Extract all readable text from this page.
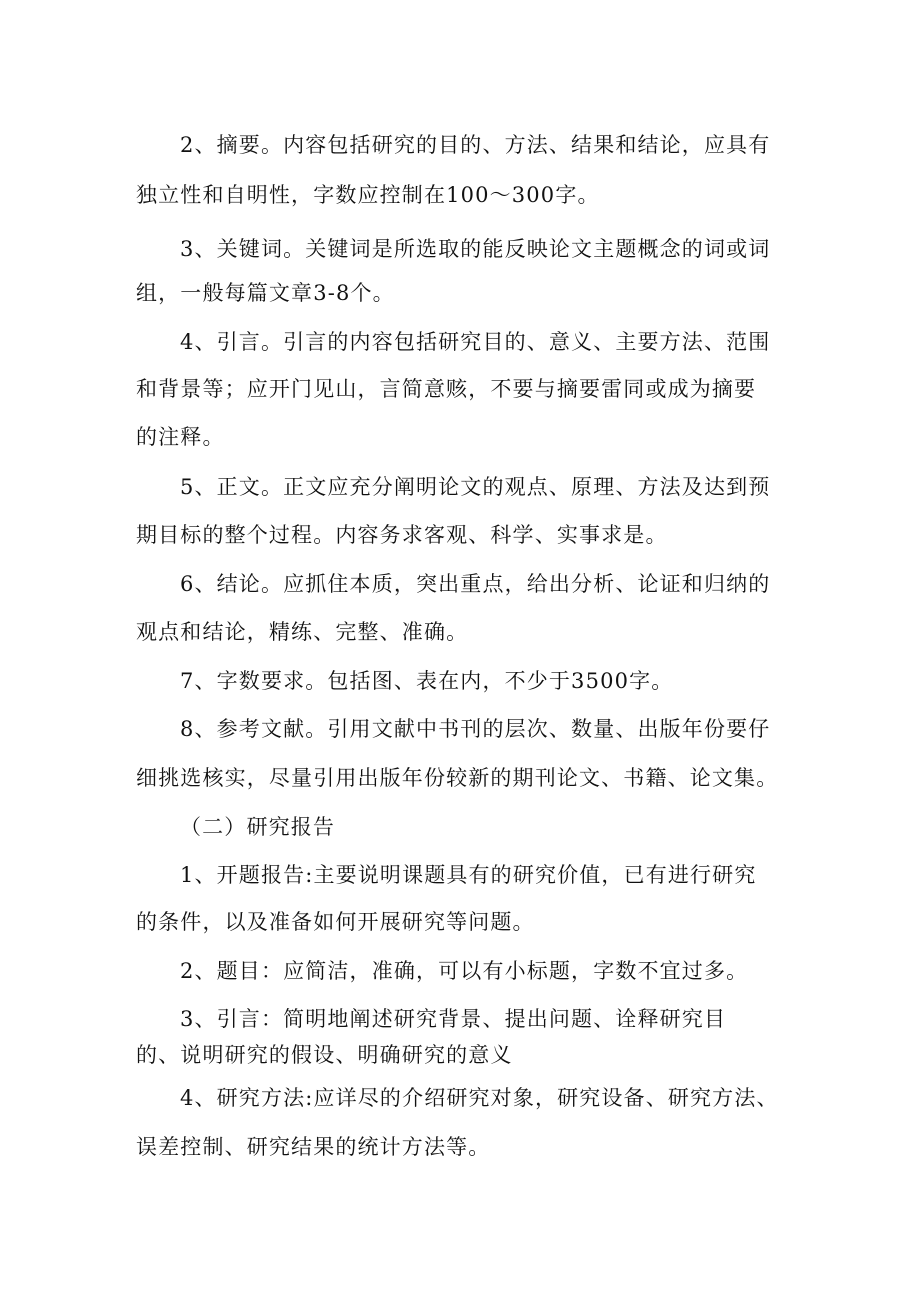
2、摘要。内容包括研究的目的、方法、结果和结论，应具有
独立性和自明性，字数应控制在100～300字。
3、关键词。关键词是所选取的能反映论文主题概念的词或词
组，一般每篇文章3-8个。
4、引言。引言的内容包括研究目的、意义、主要方法、范围
和背景等；应开门见山，言简意赅，不要与摘要雷同或成为摘要
的注释。
5、正文。正文应充分阐明论文的观点、原理、方法及达到预
期目标的整个过程。内容务求客观、科学、实事求是。
6、结论。应抓住本质，突出重点，给出分析、论证和归纳的
观点和结论，精练、完整、准确。
7、字数要求。包括图、表在内，不少于3500字。
8、参考文献。引用文献中书刊的层次、数量、出版年份要仔
细挑选核实，尽量引用出版年份较新的期刊论文、书籍、论文集。
（二）研究报告
1、开题报告:主要说明课题具有的研究价值，已有进行研究
的条件，以及准备如何开展研究等问题。
2、题目：应简洁，准确，可以有小标题，字数不宜过多。
3、引言：简明地阐述研究背景、提出问题、诠释研究目
的、说明研究的假设、明确研究的意义
4、研究方法:应详尽的介绍研究对象，研究设备、研究方法、
误差控制、研究结果的统计方法等。
